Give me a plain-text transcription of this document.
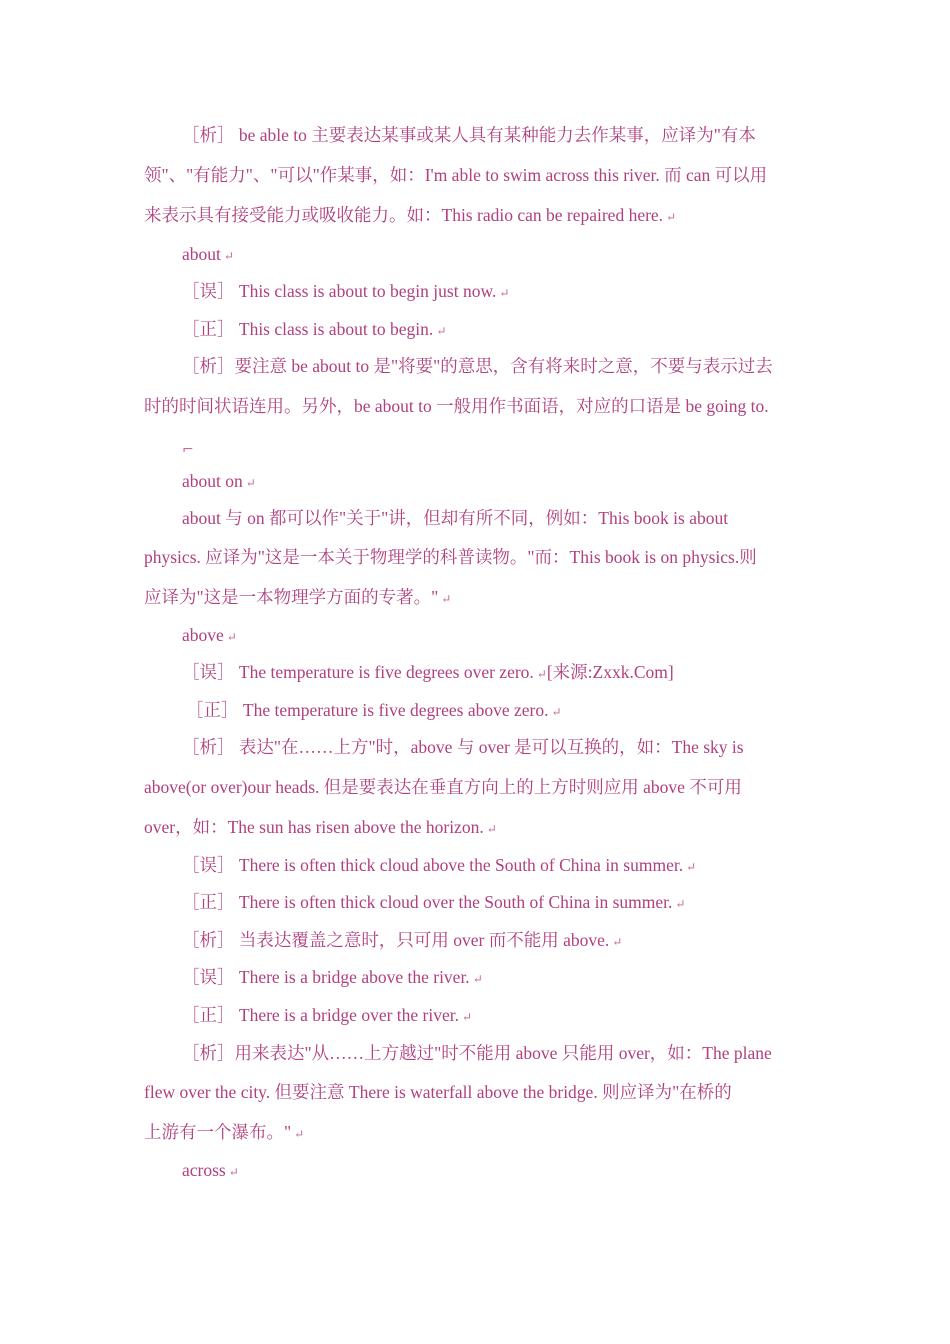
［析］ be able to 主要表达某事或某人具有某种能力去作某事，应译为"有本
领"、"有能力"、"可以"作某事，如：I'm able to swim across this river. 而 can 可以用
来表示具有接受能力或吸收能力。如：This radio can be repaired here. ↵
about ↵
［误］ This class is about to begin just now. ↵
［正］ This class is about to begin. ↵
［析］要注意 be about to 是"将要"的意思，含有将来时之意，不要与表示过去
时的时间状语连用。另外，be about to 一般用作书面语，对应的口语是 be going to.
⌐
about on ↵
about 与 on 都可以作"关于"讲，但却有所不同，例如：This book is about
physics. 应译为"这是一本关于物理学的科普读物。"而：This book is on physics.则
应译为"这是一本物理学方面的专著。" ↵
above ↵
［误］ The temperature is five degrees over zero. ↵[来源:Zxxk.Com]
［正］ The temperature is five degrees above zero. ↵
［析］ 表达"在……上方"时，above 与 over 是可以互换的，如：The sky is
above(or over)our heads. 但是要表达在垂直方向上的上方时则应用 above 不可用
over，如：The sun has risen above the horizon. ↵
［误］ There is often thick cloud above the South of China in summer. ↵
［正］ There is often thick cloud over the South of China in summer. ↵
［析］ 当表达覆盖之意时，只可用 over 而不能用 above. ↵
［误］ There is a bridge above the river. ↵
［正］ There is a bridge over the river. ↵
［析］用来表达"从……上方越过"时不能用 above 只能用 over，如：The plane
flew over the city. 但要注意 There is waterfall above the bridge. 则应译为"在桥的
上游有一个瀑布。" ↵
across ↵
